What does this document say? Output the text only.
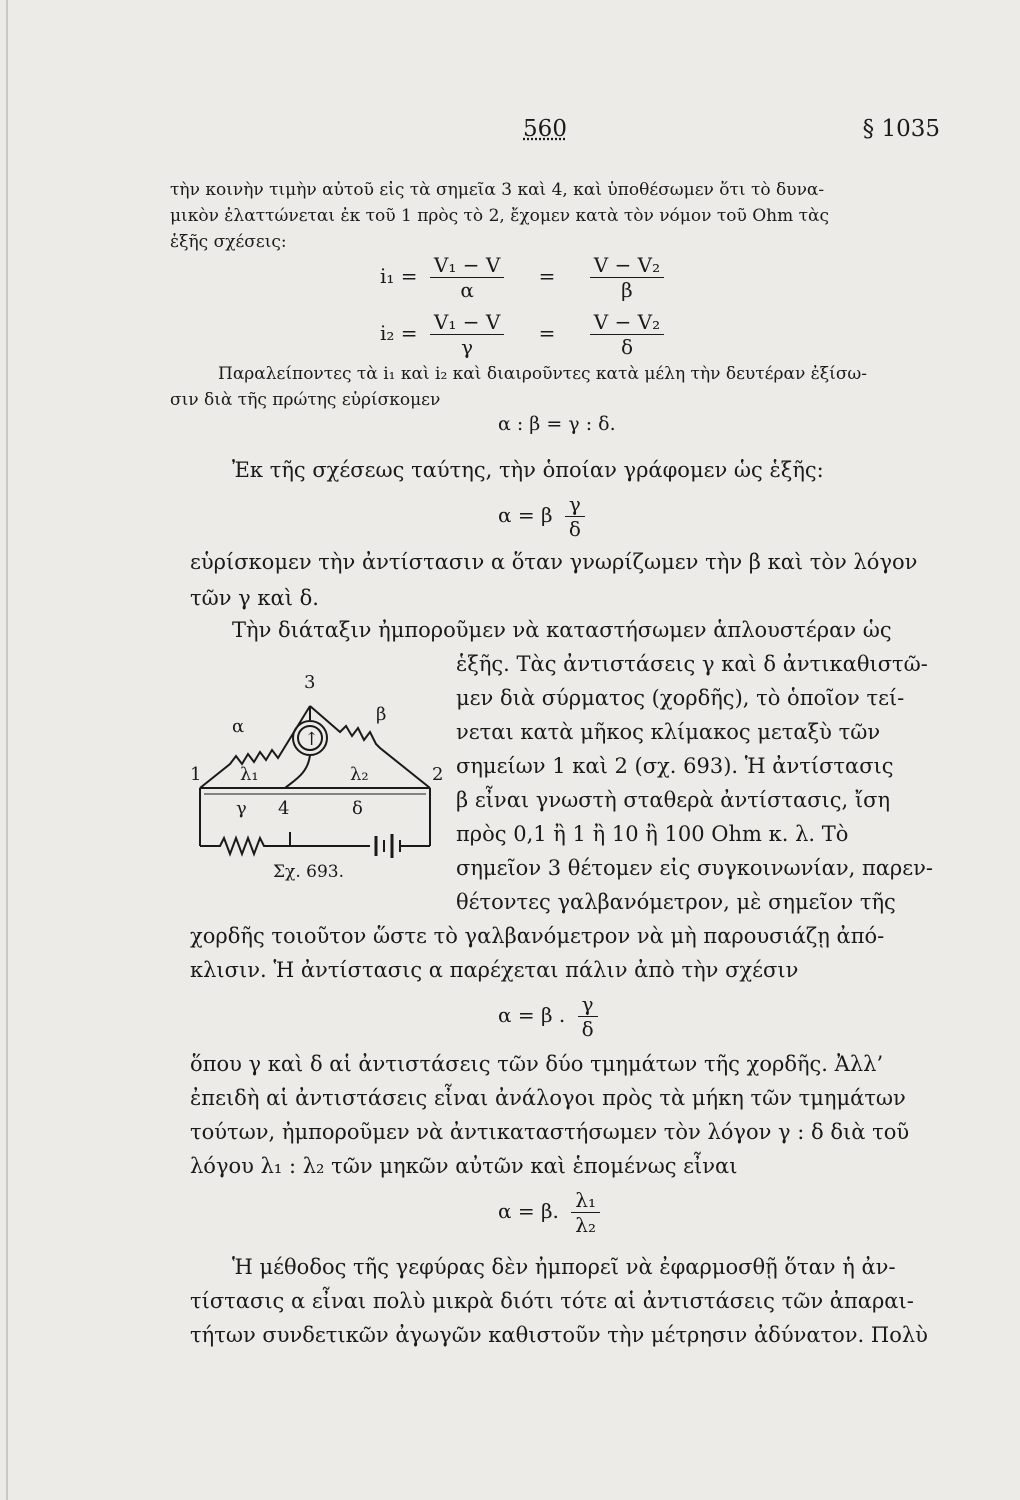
560	§ 1035
τὴν κοινὴν τιμὴν αὐτοῦ εἰς τὰ σημεῖα 3 καὶ 4, καὶ ὑποθέσωμεν ὅτι τὸ δυνα-
μικὸν ἐλαττώνεται ἐκ τοῦ 1 πρὸς τὸ 2, ἔχομεν κατὰ τὸν νόμον τοῦ Ohm τὰς
ἑξῆς σχέσεις:
$i_1 = \frac{\text{V₁ − V}}{\alpha} = \frac{\text{V − V₂}}{\beta}$
$i_2 = \frac{\text{V₁ − V}}{\gamma} = \frac{\text{V − V₂}}{\delta}$
Παραλείποντες τὰ i₁ καὶ i₂ καὶ διαιροῦντες κατὰ μέλη τὴν δευτέραν ἐξίσω-
σιν διὰ τῆς πρώτης εὑρίσκομεν
α : β = γ : δ.
Ἐκ τῆς σχέσεως ταύτης, τὴν ὁποίαν γράφομεν ὡς ἑξῆς:
α = β $\frac{\gamma}{\delta}$
εὑρίσκομεν τὴν ἀντίστασιν α ὅταν γνωρίζωμεν τὴν β καὶ τὸν λόγον
τῶν γ καὶ δ.
Τὴν διάταξιν ἠμποροῦμεν νὰ καταστήσωμεν ἁπλουστέραν ὡς
ἑξῆς. Τὰς ἀντιστάσεις γ καὶ δ ἀντικαθιστῶ-
μεν διὰ σύρματος (χορδῆς), τὸ ὁποῖον τεί-
νεται κατὰ μῆκος κλίμακος μεταξὺ τῶν
σημείων 1 καὶ 2 (σχ. 693). Ἡ ἀντίστασις
β εἶναι γνωστὴ σταθερὰ ἀντίστασις, ἴση
πρὸς 0,1 ἢ 1 ἢ 10 ἢ 100 Ohm κ. λ. Τὸ
σημεῖον 3 θέτομεν εἰς συγκοινωνίαν, παρεν-
θέτοντες γαλβανόμετρον, μὲ σημεῖον τῆς
3
1	2
4
α
β
γ	δ
λ₁	λ₂
↑
Σχ. 693.
χορδῆς τοιοῦτον ὥστε τὸ γαλβανόμετρον νὰ μὴ παρουσιάζῃ ἀπό-
κλισιν. Ἡ ἀντίστασις α παρέχεται πάλιν ἀπὸ τὴν σχέσιν
α = β . $\frac{\gamma}{\delta}$
ὅπου γ καὶ δ αἱ ἀντιστάσεις τῶν δύο τμημάτων τῆς χορδῆς. Ἀλλ’
ἐπειδὴ αἱ ἀντιστάσεις εἶναι ἀνάλογοι πρὸς τὰ μήκη τῶν τμημάτων
τούτων, ἠμποροῦμεν νὰ ἀντικαταστήσωμεν τὸν λόγον γ : δ διὰ τοῦ
λόγου λ₁ : λ₂ τῶν μηκῶν αὐτῶν καὶ ἑπομένως εἶναι
α = β. $\frac{\text{λ₁}}{\text{λ₂}}$
Ἡ μέθοδος τῆς γεφύρας δὲν ἠμπορεῖ νὰ ἐφαρμοσθῇ ὅταν ἡ ἀν-
τίστασις α εἶναι πολὺ μικρὰ διότι τότε αἱ ἀντιστάσεις τῶν ἀπαραι-
τήτων συνδετικῶν ἀγωγῶν καθιστοῦν τὴν μέτρησιν ἀδύνατον. Πολὺ
